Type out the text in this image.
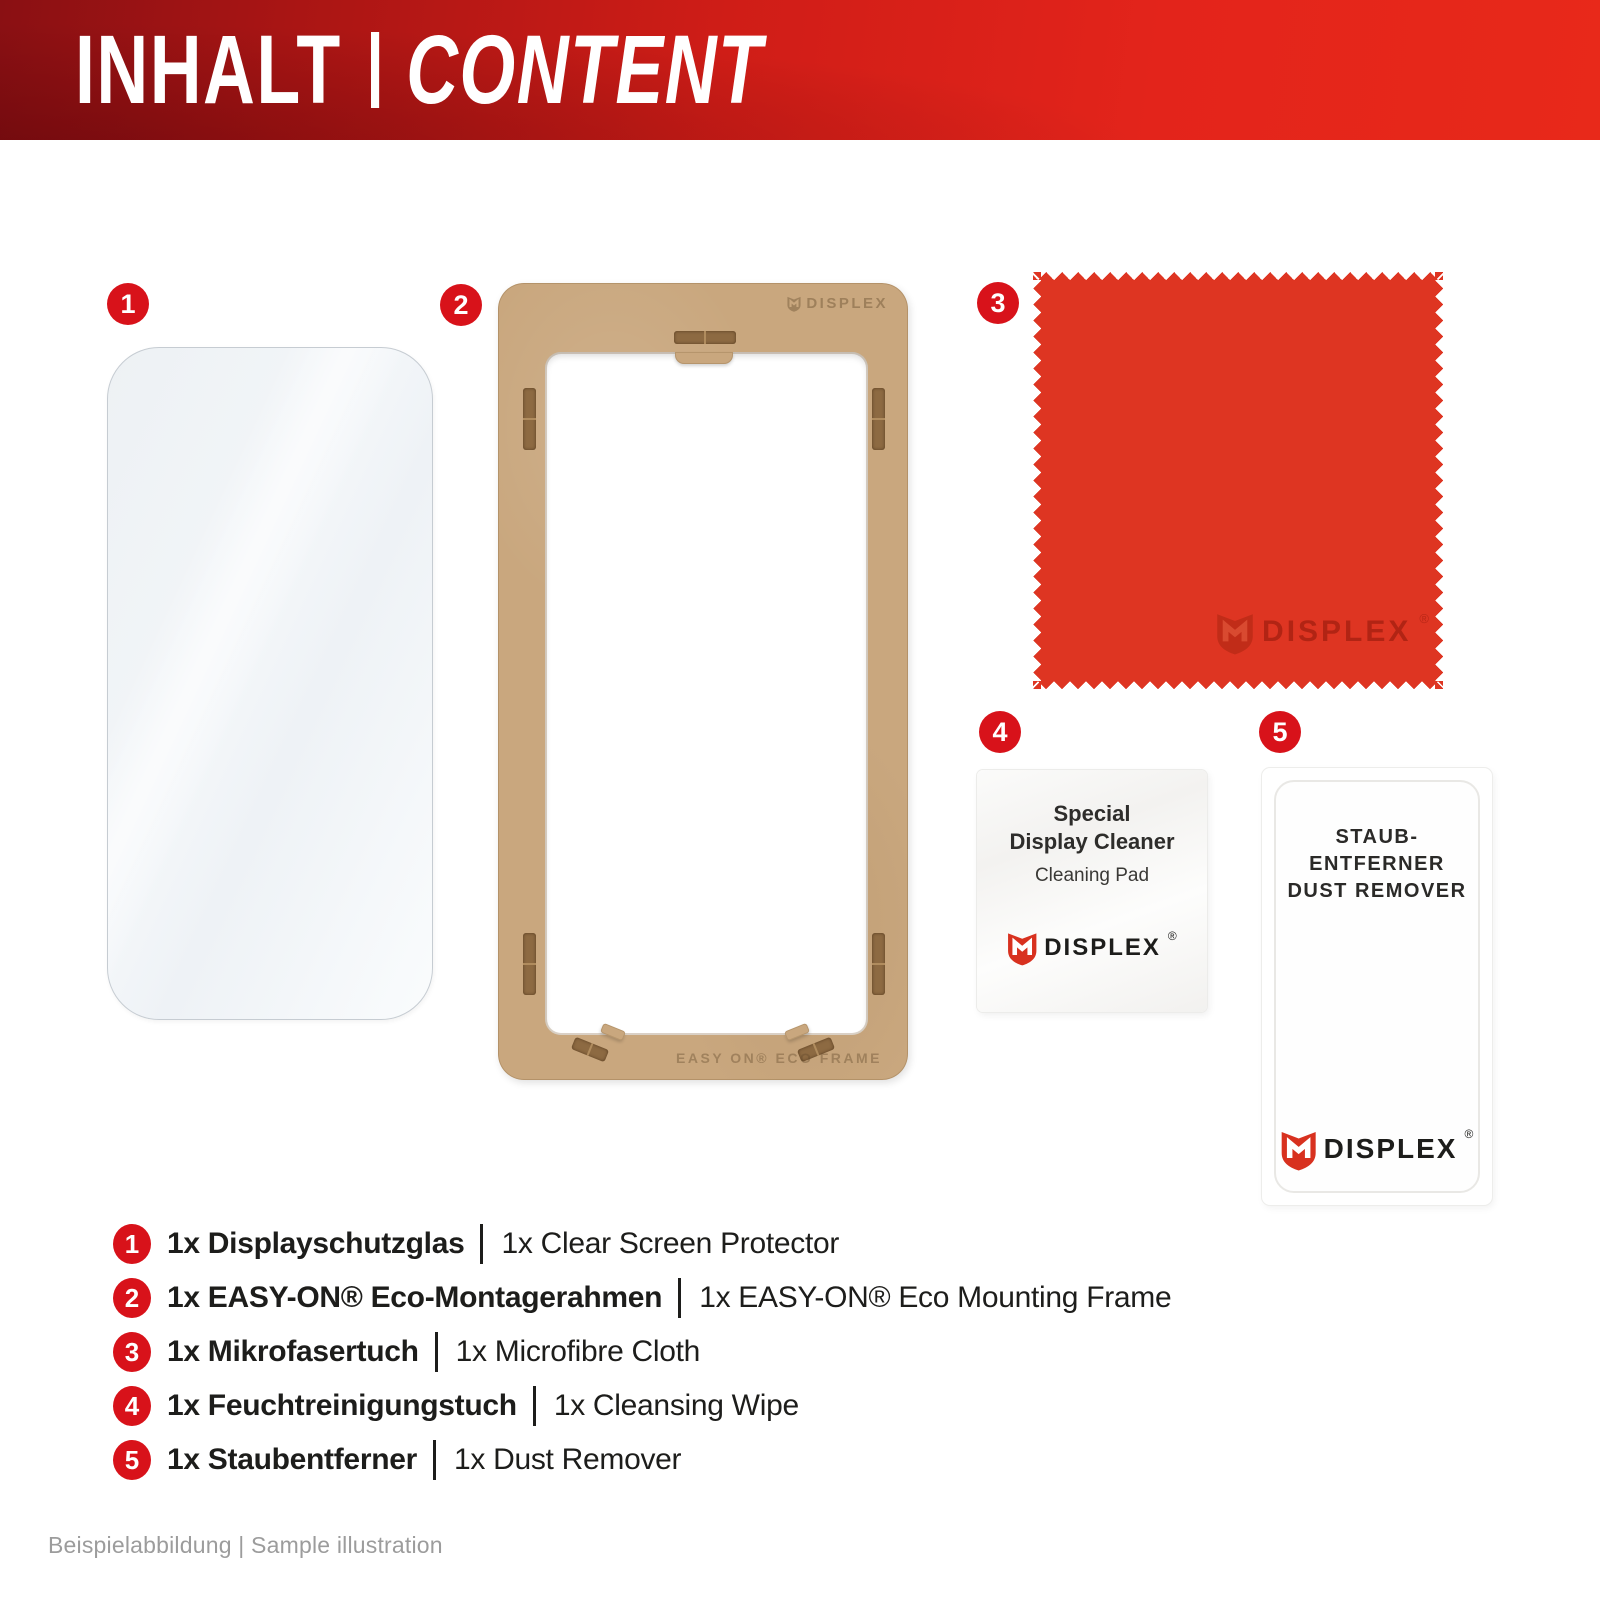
INHALT CONTENT
1	2	3
4	5
DISPLEX
EASY ON® ECO FRAME
DISPLEX ®
Special
Display Cleaner
Cleaning Pad
DISPLEX ®
STAUB-ENTFERNER
DUST REMOVER
DISPLEX ®
1 1x Displayschutzglas 1x Clear Screen Protector
2 1x EASY-ON® Eco-Montagerahmen 1x EASY-ON® Eco Mounting Frame
3 1x Mikrofasertuch 1x Microfibre Cloth
4 1x Feuchtreinigungstuch 1x Cleansing Wipe
5 1x Staubentferner 1x Dust Remover
Beispielabbildung | Sample illustration
